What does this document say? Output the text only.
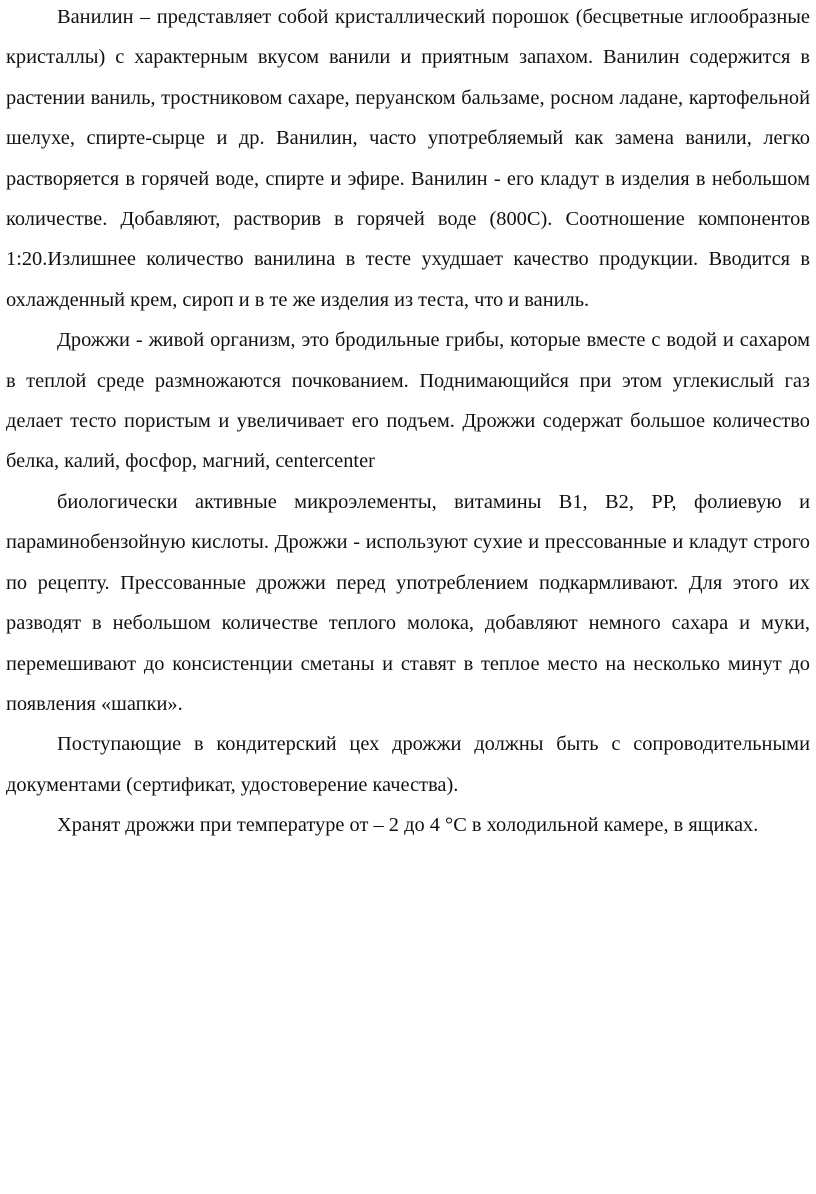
Ванилин – представляет собой кристаллический порошок (бесцветные иглообразные кристаллы) с характерным вкусом ванили и приятным запахом. Ванилин содержится в растении ваниль, тростниковом сахаре, перуанском бальзаме, росном ладане, картофельной шелухе, спирте-сырце и др. Ванилин, часто употребляемый как замена ванили, легко растворяется в горячей воде, спирте и эфире. Ванилин - его кладут в изделия в небольшом количестве. Добавляют, растворив в горячей воде (800С). Соотношение компонентов 1:20.Излишнее количество ванилина в тесте ухудшает качество продукции. Вводится в охлажденный крем, сироп и в те же изделия из теста, что и ваниль.

Дрожжи - живой организм, это бродильные грибы, которые вместе с водой и сахаром в теплой среде размножаются почкованием. Поднимающийся при этом углекислый газ делает тесто пористым и увеличивает его подъем. Дрожжи содержат большое количество белка, калий, фосфор, магний, centercenter

биологически активные микроэлементы, витамины В1, В2, РР, фолиевую и параминобензойную кислоты. Дрожжи - используют сухие и прессованные и кладут строго по рецепту. Прессованные дрожжи перед употреблением подкармливают. Для этого их разводят в небольшом количестве теплого молока, добавляют немного сахара и муки, перемешивают до консистенции сметаны и ставят в теплое место на несколько минут до появления «шапки».

Поступающие в кондитерский цех дрожжи должны быть с сопроводительными документами (сертификат, удостоверение качества).

Хранят дрожжи при температуре от – 2 до 4 °С в холодильной камере, в ящиках.
